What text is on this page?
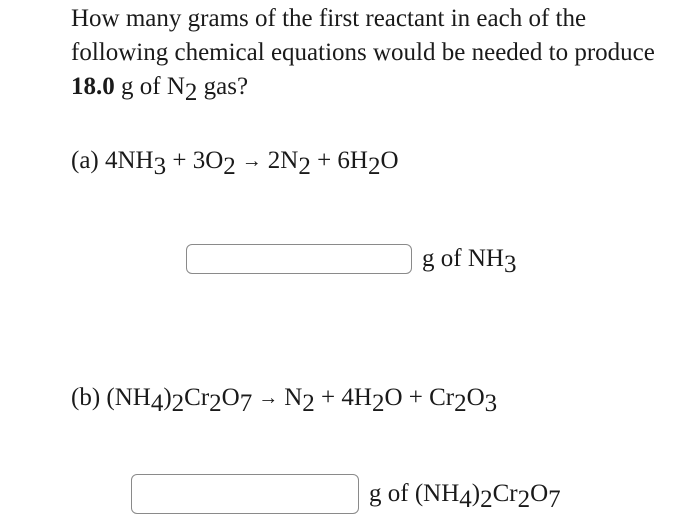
How many grams of the first reactant in each of the following chemical equations would be needed to produce 18.0 g of $N_2$ gas?

(a) $4NH_3 + 3O_2 \to 2N_2 + 6H_2O$
g of $NH_3$
(b) $(NH_4)_2Cr_2O_7 \to N_2 + 4H_2O + Cr_2O_3$
g of $(NH_4)_2Cr_2O_7$
